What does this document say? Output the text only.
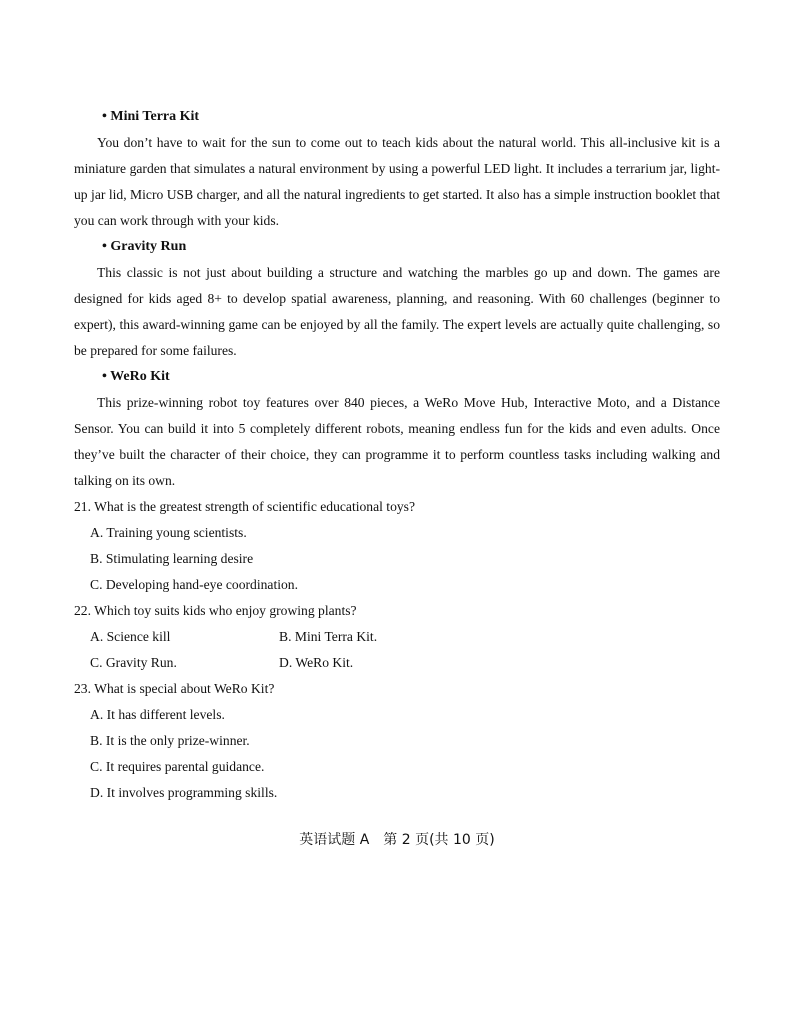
• Mini Terra Kit

You don’t have to wait for the sun to come out to teach kids about the natural world. This all-inclusive kit is a miniature garden that simulates a natural environment by using a powerful LED light. It includes a terrarium jar, light-up jar lid, Micro USB charger, and all the natural ingredients to get started. It also has a simple instruction booklet that you can work through with your kids.

• Gravity Run

This classic is not just about building a structure and watching the marbles go up and down. The games are designed for kids aged 8+ to develop spatial awareness, planning, and reasoning. With 60 challenges (beginner to expert), this award-winning game can be enjoyed by all the family. The expert levels are actually quite challenging, so be prepared for some failures.

• WeRo Kit

This prize-winning robot toy features over 840 pieces, a WeRo Move Hub, Interactive Moto, and a Distance Sensor. You can build it into 5 completely different robots, meaning endless fun for the kids and even adults. Once they’ve built the character of their choice, they can programme it to perform countless tasks including walking and talking on its own.

21. What is the greatest strength of scientific educational toys?

A. Training young scientists.
B. Stimulating learning desire
C. Developing hand-eye coordination.

22. Which toy suits kids who enjoy growing plants?

A. Science kill	B. Mini Terra Kit.
C. Gravity Run.	D. WeRo Kit.

23. What is special about WeRo Kit?

A. It has different levels.
B. It is the only prize-winner.
C. It requires parental guidance.
D. It involves programming skills.
英语试题 A　第 2 页(共 10 页)
